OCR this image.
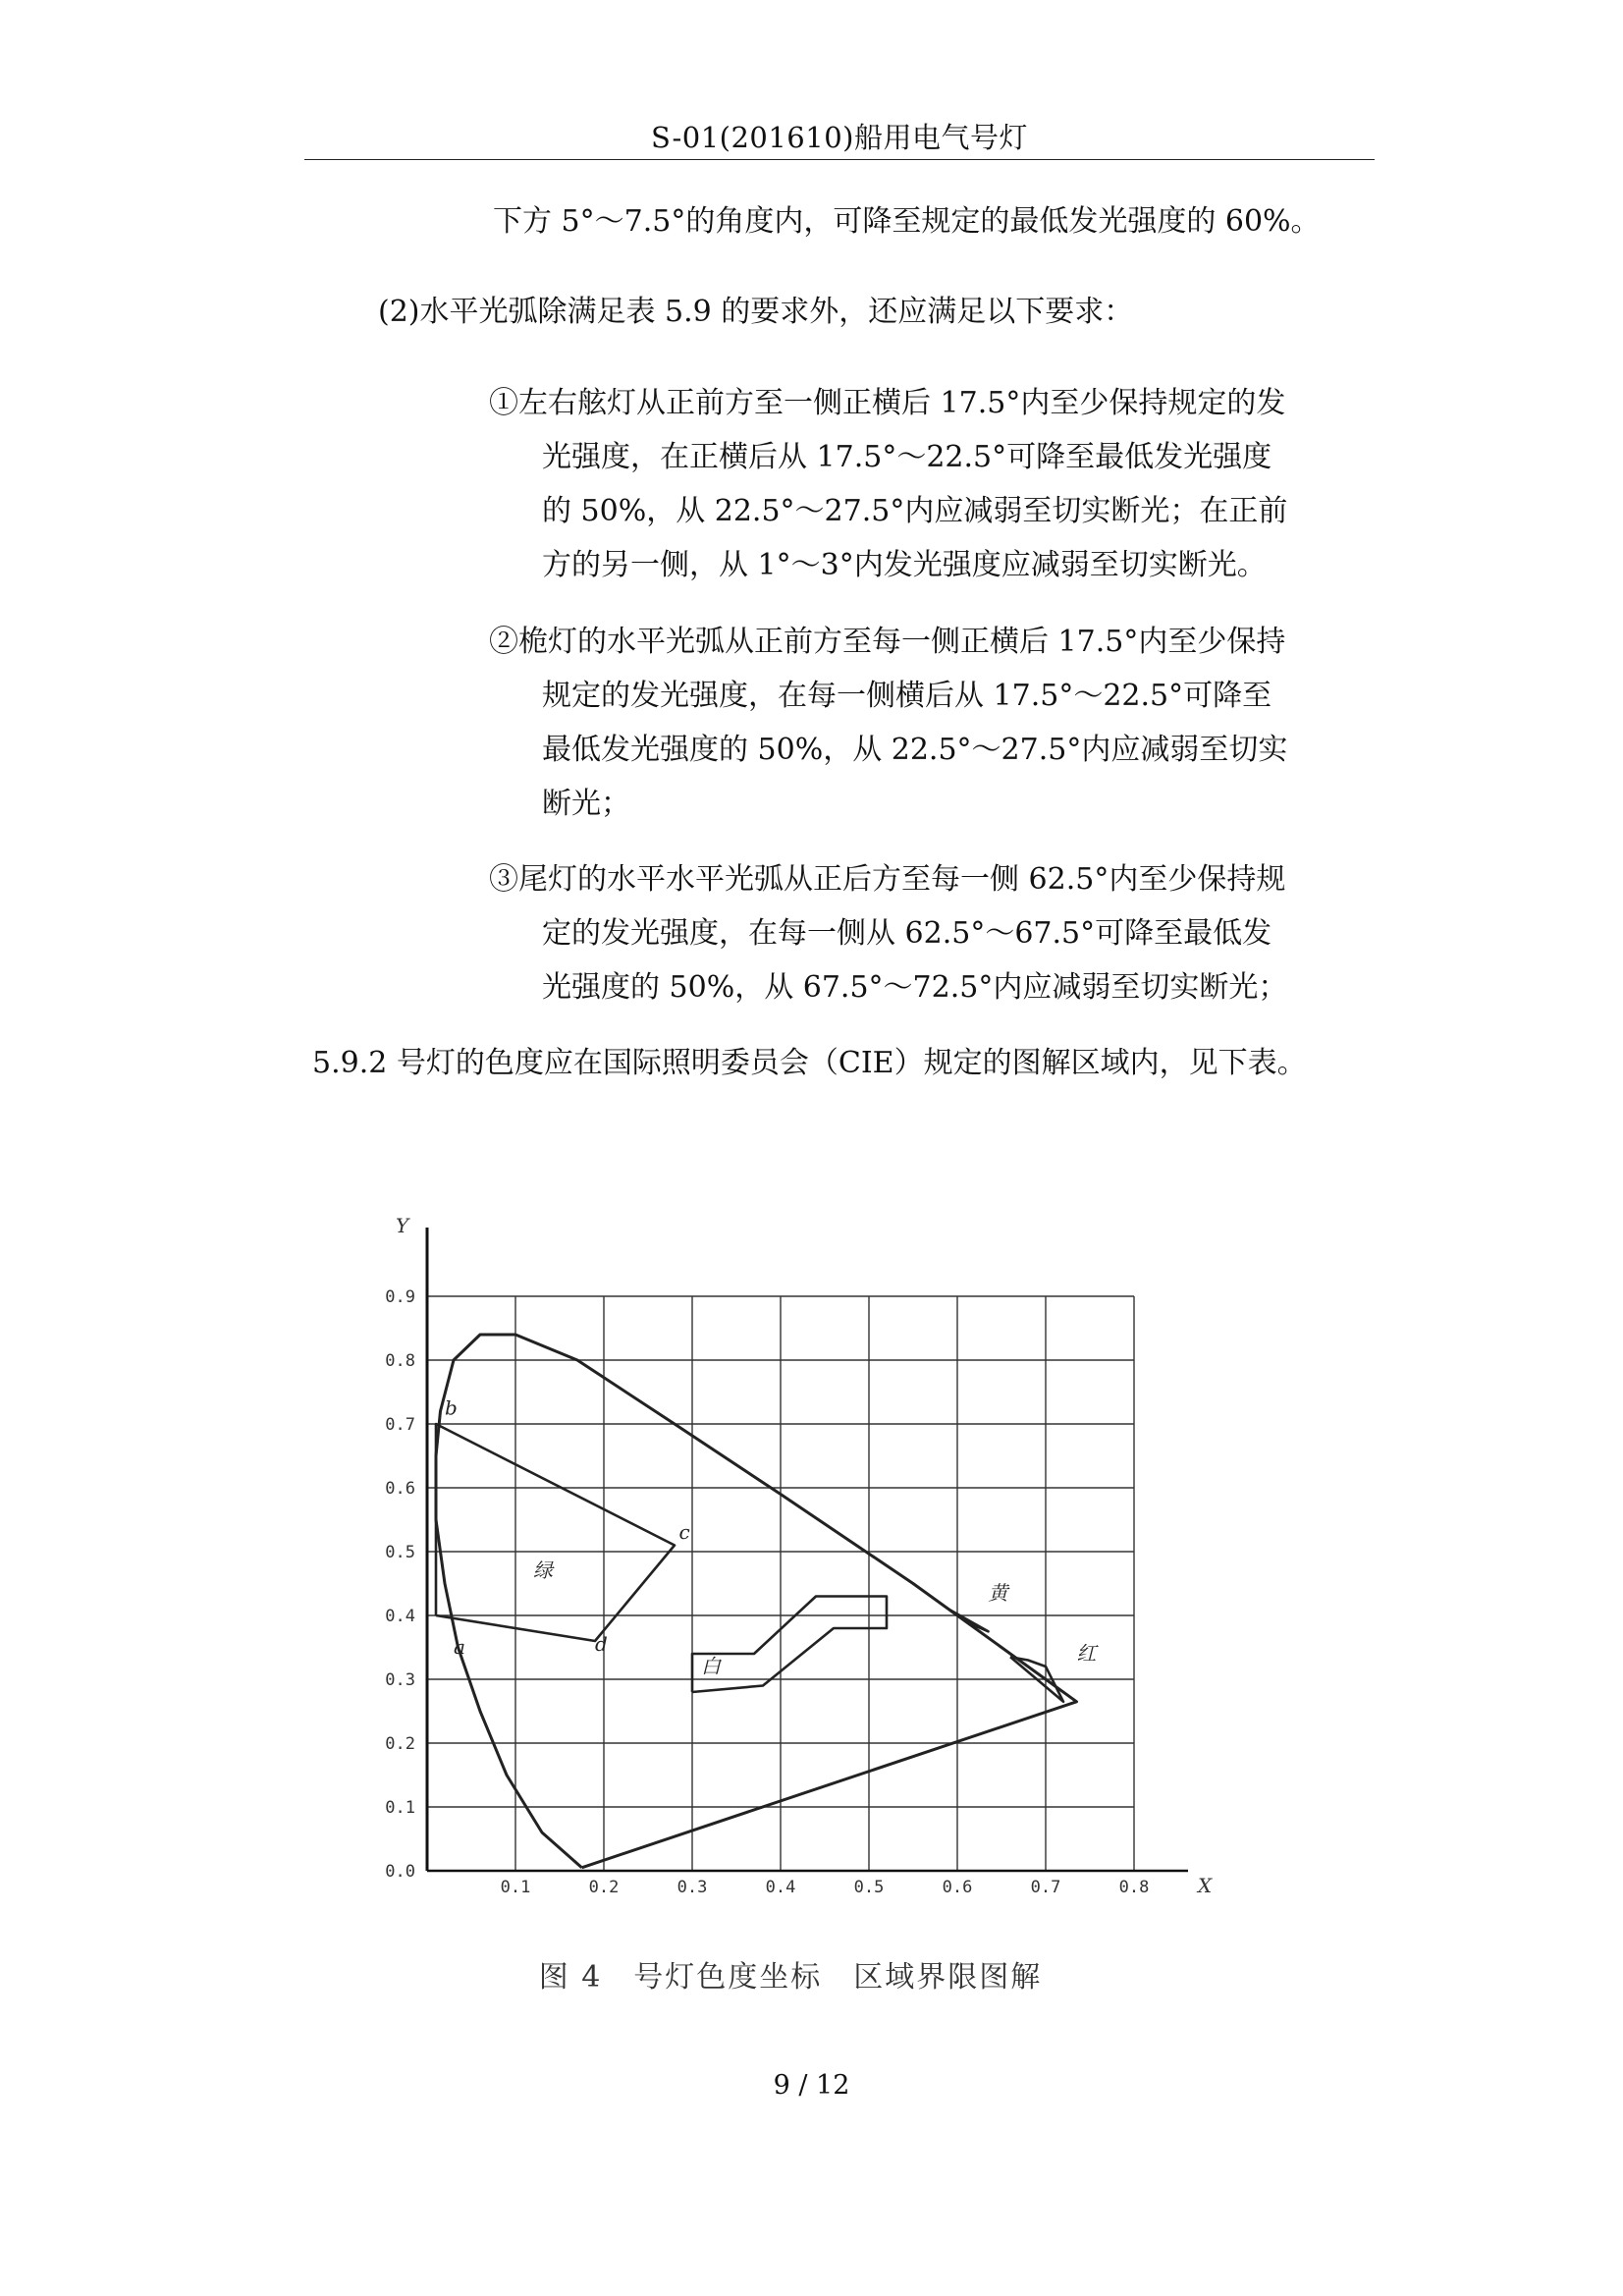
S-01(201610)船用电气号灯

下方 5°～7.5°的角度内，可降至规定的最低发光强度的 60%。

(2)水平光弧除满足表 5.9 的要求外，还应满足以下要求：

①左右舷灯从正前方至一侧正横后 17.5°内至少保持规定的发
光强度，在正横后从 17.5°～22.5°可降至最低发光强度
的 50%，从 22.5°～27.5°内应减弱至切实断光；在正前
方的另一侧，从 1°～3°内发光强度应减弱至切实断光。
②桅灯的水平光弧从正前方至每一侧正横后 17.5°内至少保持
规定的发光强度，在每一侧横后从 17.5°～22.5°可降至
最低发光强度的 50%，从 22.5°～27.5°内应减弱至切实
断光；
③尾灯的水平水平光弧从正后方至每一侧 62.5°内至少保持规
定的发光强度，在每一侧从 62.5°～67.5°可降至最低发
光强度的 50%，从 67.5°～72.5°内应减弱至切实断光；

5.9.2 号灯的色度应在国际照明委员会（CIE）规定的图解区域内，见下表。

Y
X
0.0
0.1
0.2
0.3
0.4
0.5
0.6
0.7
0.8
0.9
0.1	0.2	0.3	0.4	0.5	0.6	0.7	0.8
a
b
c
d
绿
白
黄
红
图 4　号灯色度坐标　区域界限图解
9 / 12
